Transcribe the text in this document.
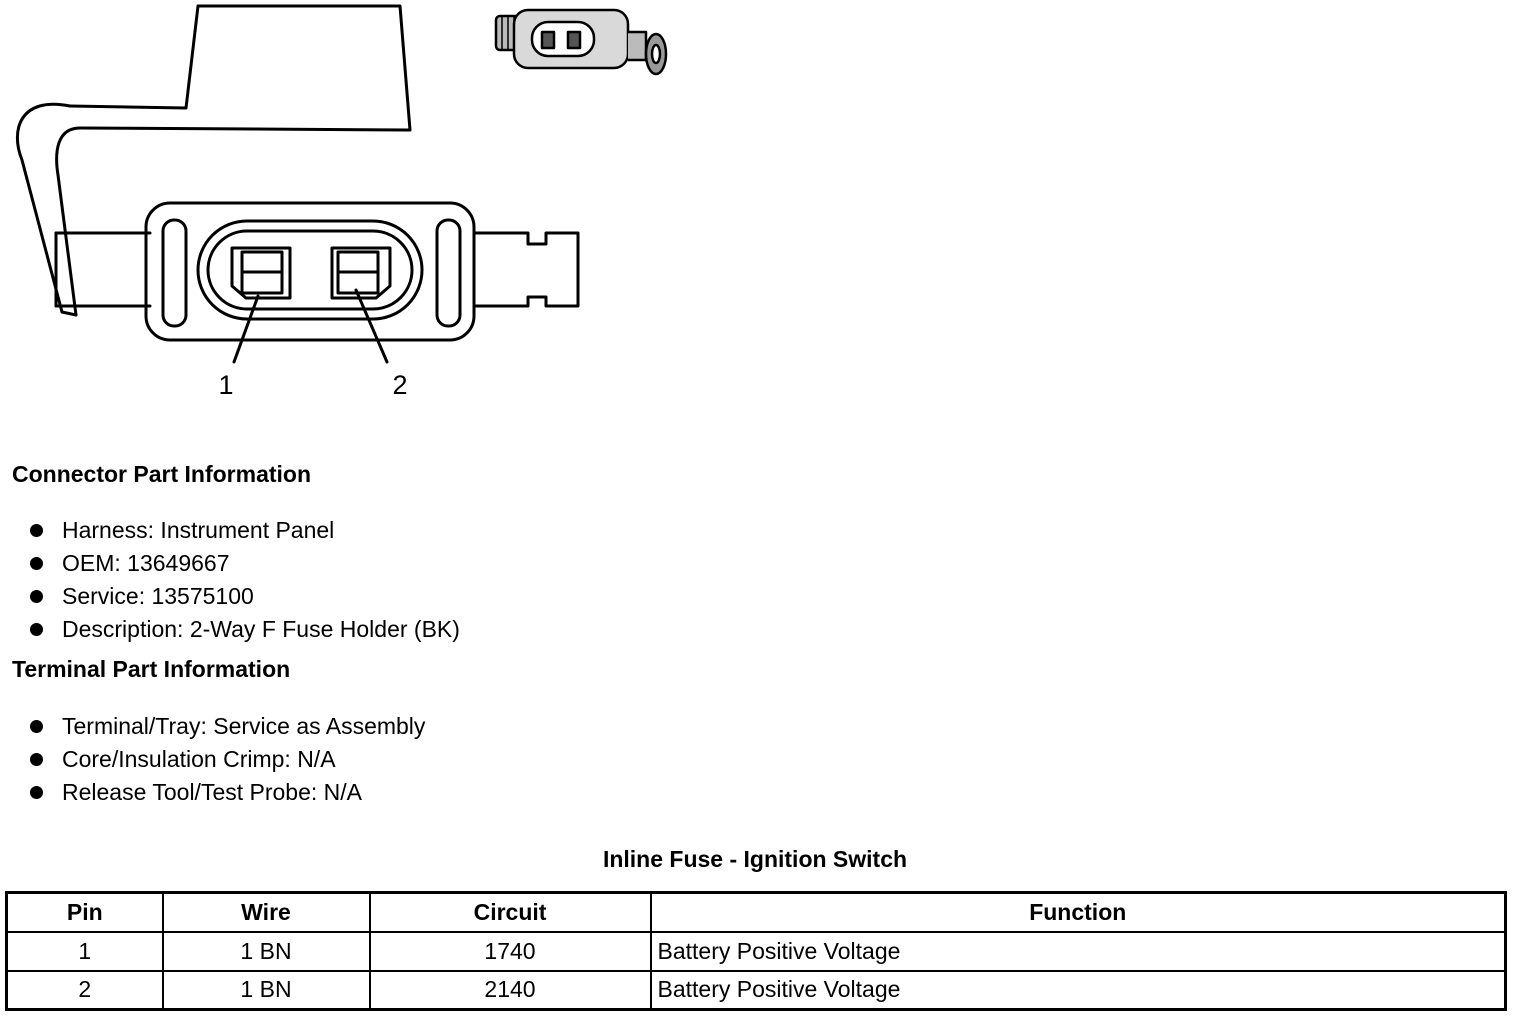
1	2
Connector Part Information
Harness: Instrument Panel
OEM: 13649667
Service: 13575100
Description: 2-Way F Fuse Holder (BK)
Terminal Part Information
Terminal/Tray: Service as Assembly
Core/Insulation Crimp: N/A
Release Tool/Test Probe: N/A
Inline Fuse - Ignition Switch
Pin	Wire	Circuit	Function
1	1 BN	1740	Battery Positive Voltage
2	1 BN	2140	Battery Positive Voltage
